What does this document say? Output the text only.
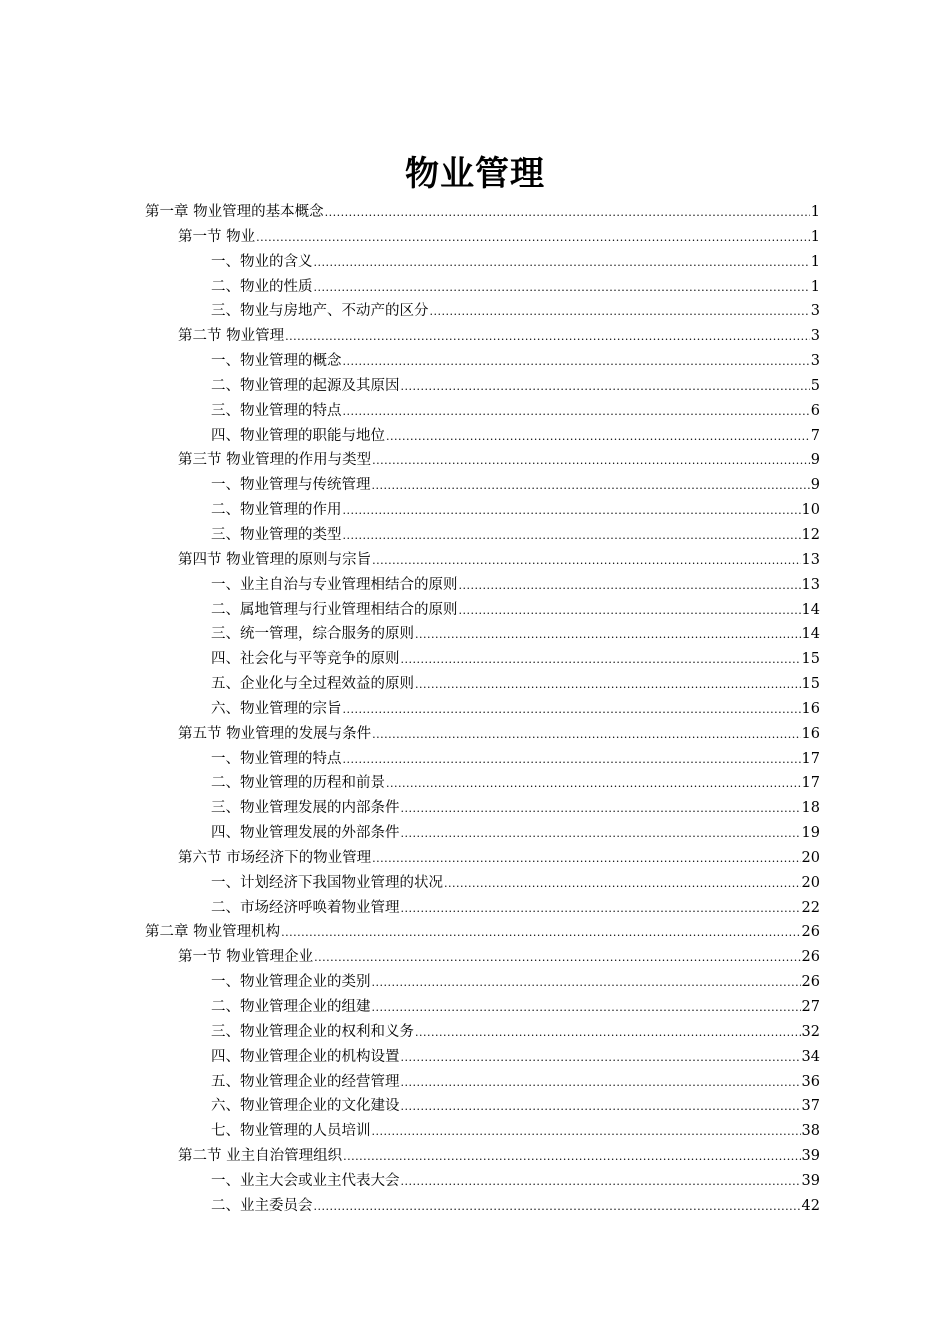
物业管理
第一章 物业管理的基本概念 .....	1
第一节 物业 .....	1
一、物业的含义 .....	1
二、物业的性质 .....	1
三、物业与房地产、不动产的区分 .....	3
第二节 物业管理 .....	3
一、物业管理的概念 .....	3
二、物业管理的起源及其原因 .....	5
三、物业管理的特点 .....	6
四、物业管理的职能与地位 .....	7
第三节 物业管理的作用与类型 .....	9
一、物业管理与传统管理 .....	9
二、物业管理的作用 .....	10
三、物业管理的类型 .....	12
第四节 物业管理的原则与宗旨 .....	13
一、业主自治与专业管理相结合的原则 .....	13
二、属地管理与行业管理相结合的原则 .....	14
三、统一管理，综合服务的原则 .....	14
四、社会化与平等竞争的原则 .....	15
五、企业化与全过程效益的原则 .....	15
六、物业管理的宗旨 .....	16
第五节 物业管理的发展与条件 .....	16
一、物业管理的特点 .....	17
二、物业管理的历程和前景 .....	17
三、物业管理发展的内部条件 .....	18
四、物业管理发展的外部条件 .....	19
第六节 市场经济下的物业管理 .....	20
一、计划经济下我国物业管理的状况 .....	20
二、市场经济呼唤着物业管理 .....	22
第二章 物业管理机构 .....	26
第一节 物业管理企业 .....	26
一、物业管理企业的类别 .....	26
二、物业管理企业的组建 .....	27
三、物业管理企业的权利和义务 .....	32
四、物业管理企业的机构设置 .....	34
五、物业管理企业的经营管理 .....	36
六、物业管理企业的文化建设 .....	37
七、物业管理的人员培训 .....	38
第二节 业主自治管理组织 .....	39
一、业主大会或业主代表大会 .....	39
二、业主委员会 .....	42
